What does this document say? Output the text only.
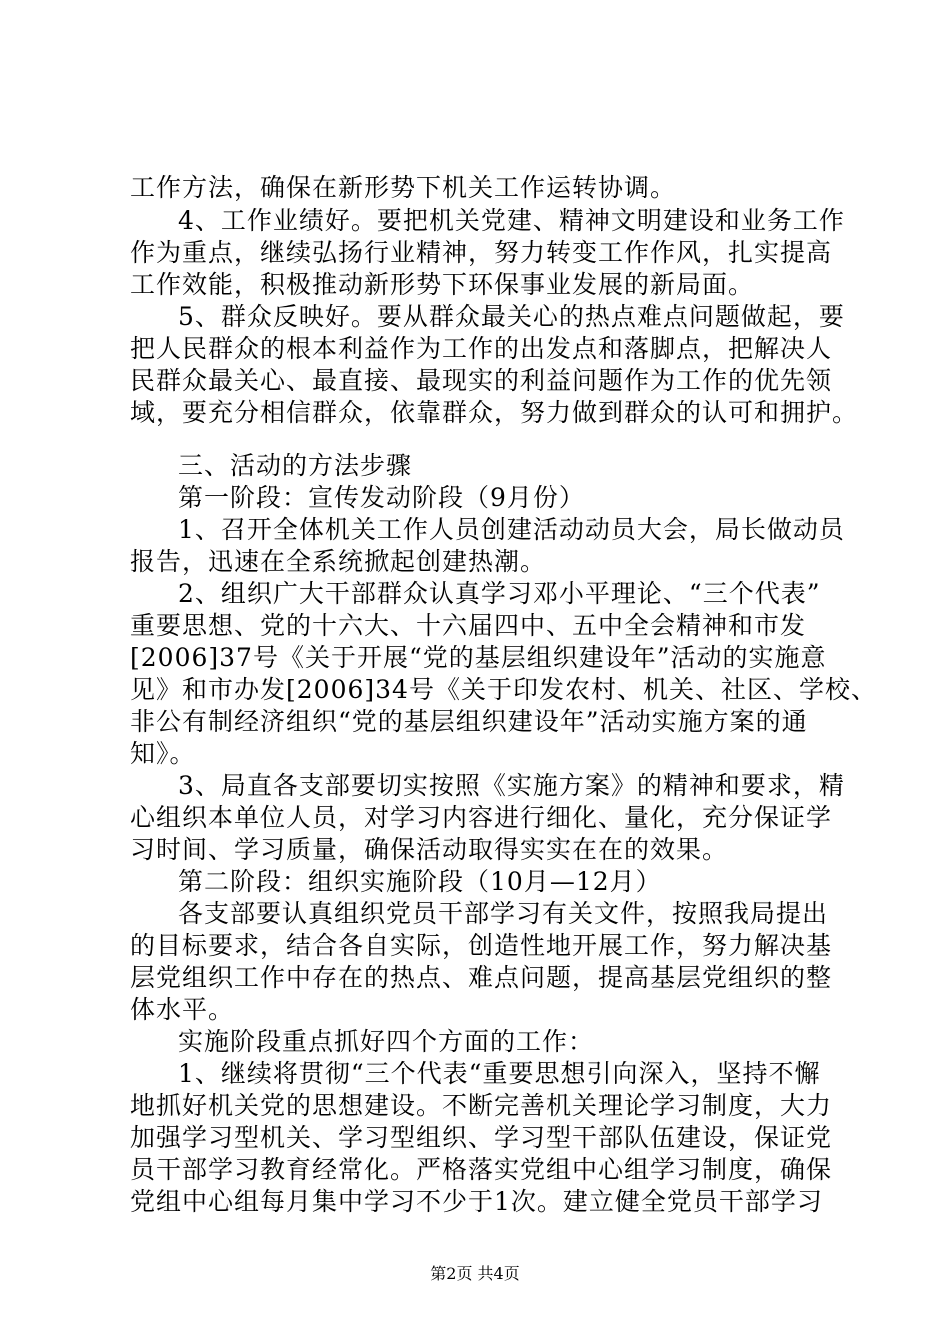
工作方法，确保在新形势下机关工作运转协调。
4、工作业绩好。要把机关党建、精神文明建设和业务工作
作为重点，继续弘扬行业精神，努力转变工作作风，扎实提高
工作效能，积极推动新形势下环保事业发展的新局面。
5、群众反映好。要从群众最关心的热点难点问题做起，要
把人民群众的根本利益作为工作的出发点和落脚点，把解决人
民群众最关心、最直接、最现实的利益问题作为工作的优先领
域，要充分相信群众，依靠群众，努力做到群众的认可和拥护。
三、活动的方法步骤
第一阶段：宣传发动阶段（9月份）
1、召开全体机关工作人员创建活动动员大会，局长做动员
报告，迅速在全系统掀起创建热潮。
2、组织广大干部群众认真学习邓小平理论、“三个代表”
重要思想、党的十六大、十六届四中、五中全会精神和市发
[2006]37号《关于开展“党的基层组织建设年”活动的实施意
见》和市办发[2006]34号《关于印发农村、机关、社区、学校、
非公有制经济组织“党的基层组织建设年”活动实施方案的通
知》。
3、局直各支部要切实按照《实施方案》的精神和要求，精
心组织本单位人员，对学习内容进行细化、量化，充分保证学
习时间、学习质量，确保活动取得实实在在的效果。
第二阶段：组织实施阶段（10月—12月）
各支部要认真组织党员干部学习有关文件，按照我局提出
的目标要求，结合各自实际，创造性地开展工作，努力解决基
层党组织工作中存在的热点、难点问题，提高基层党组织的整
体水平。
实施阶段重点抓好四个方面的工作：
1、继续将贯彻“三个代表“重要思想引向深入，坚持不懈
地抓好机关党的思想建设。不断完善机关理论学习制度，大力
加强学习型机关、学习型组织、学习型干部队伍建设，保证党
员干部学习教育经常化。严格落实党组中心组学习制度，确保
党组中心组每月集中学习不少于1次。建立健全党员干部学习
第2页 共4页
